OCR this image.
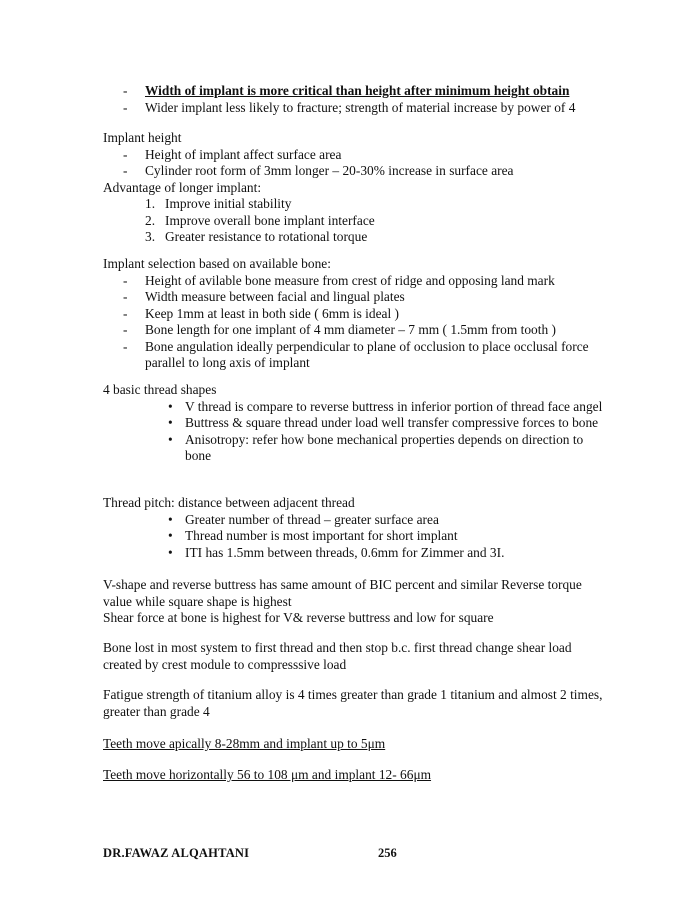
- Width of implant is more critical than height after minimum height obtain
- Wider implant less likely to fracture; strength of material increase by power of 4
Implant height
- Height of implant affect surface area
- Cylinder root form of 3mm longer – 20-30% increase in surface area
Advantage of longer implant:
1. Improve initial stability
2. Improve overall bone implant interface
3. Greater resistance to rotational torque
Implant selection based on available bone:
- Height of avilable bone measure from crest of ridge and opposing land mark
- Width measure between facial and lingual plates
- Keep 1mm at least in both side ( 6mm is ideal )
- Bone length for one implant of 4 mm diameter – 7 mm ( 1.5mm from tooth )
- Bone angulation ideally perpendicular to plane of occlusion to place occlusal force parallel to long axis of implant
4 basic thread shapes
• V thread is compare to reverse buttress in inferior portion of thread face angel
• Buttress & square thread under load well transfer compressive forces to bone
• Anisotropy: refer how bone mechanical properties depends on direction to bone
Thread pitch: distance between adjacent thread
• Greater number of thread – greater surface area
• Thread number is most important for short implant
• ITI has 1.5mm between threads, 0.6mm for Zimmer and 3I.
V-shape and reverse buttress has same amount of BIC percent and similar Reverse torque value while square shape is highest
Shear force at bone is highest for V& reverse buttress and low for square
Bone lost in most system to first thread and then stop b.c. first thread change shear load created by crest module to compresssive load
Fatigue strength of titanium alloy is 4 times greater than grade 1 titanium and almost 2 times, greater than grade 4
Teeth move apically 8-28mm and implant up to 5μm
Teeth move horizontally 56 to 108 μm and implant 12- 66μm
DR.FAWAZ ALQAHTANI	256
